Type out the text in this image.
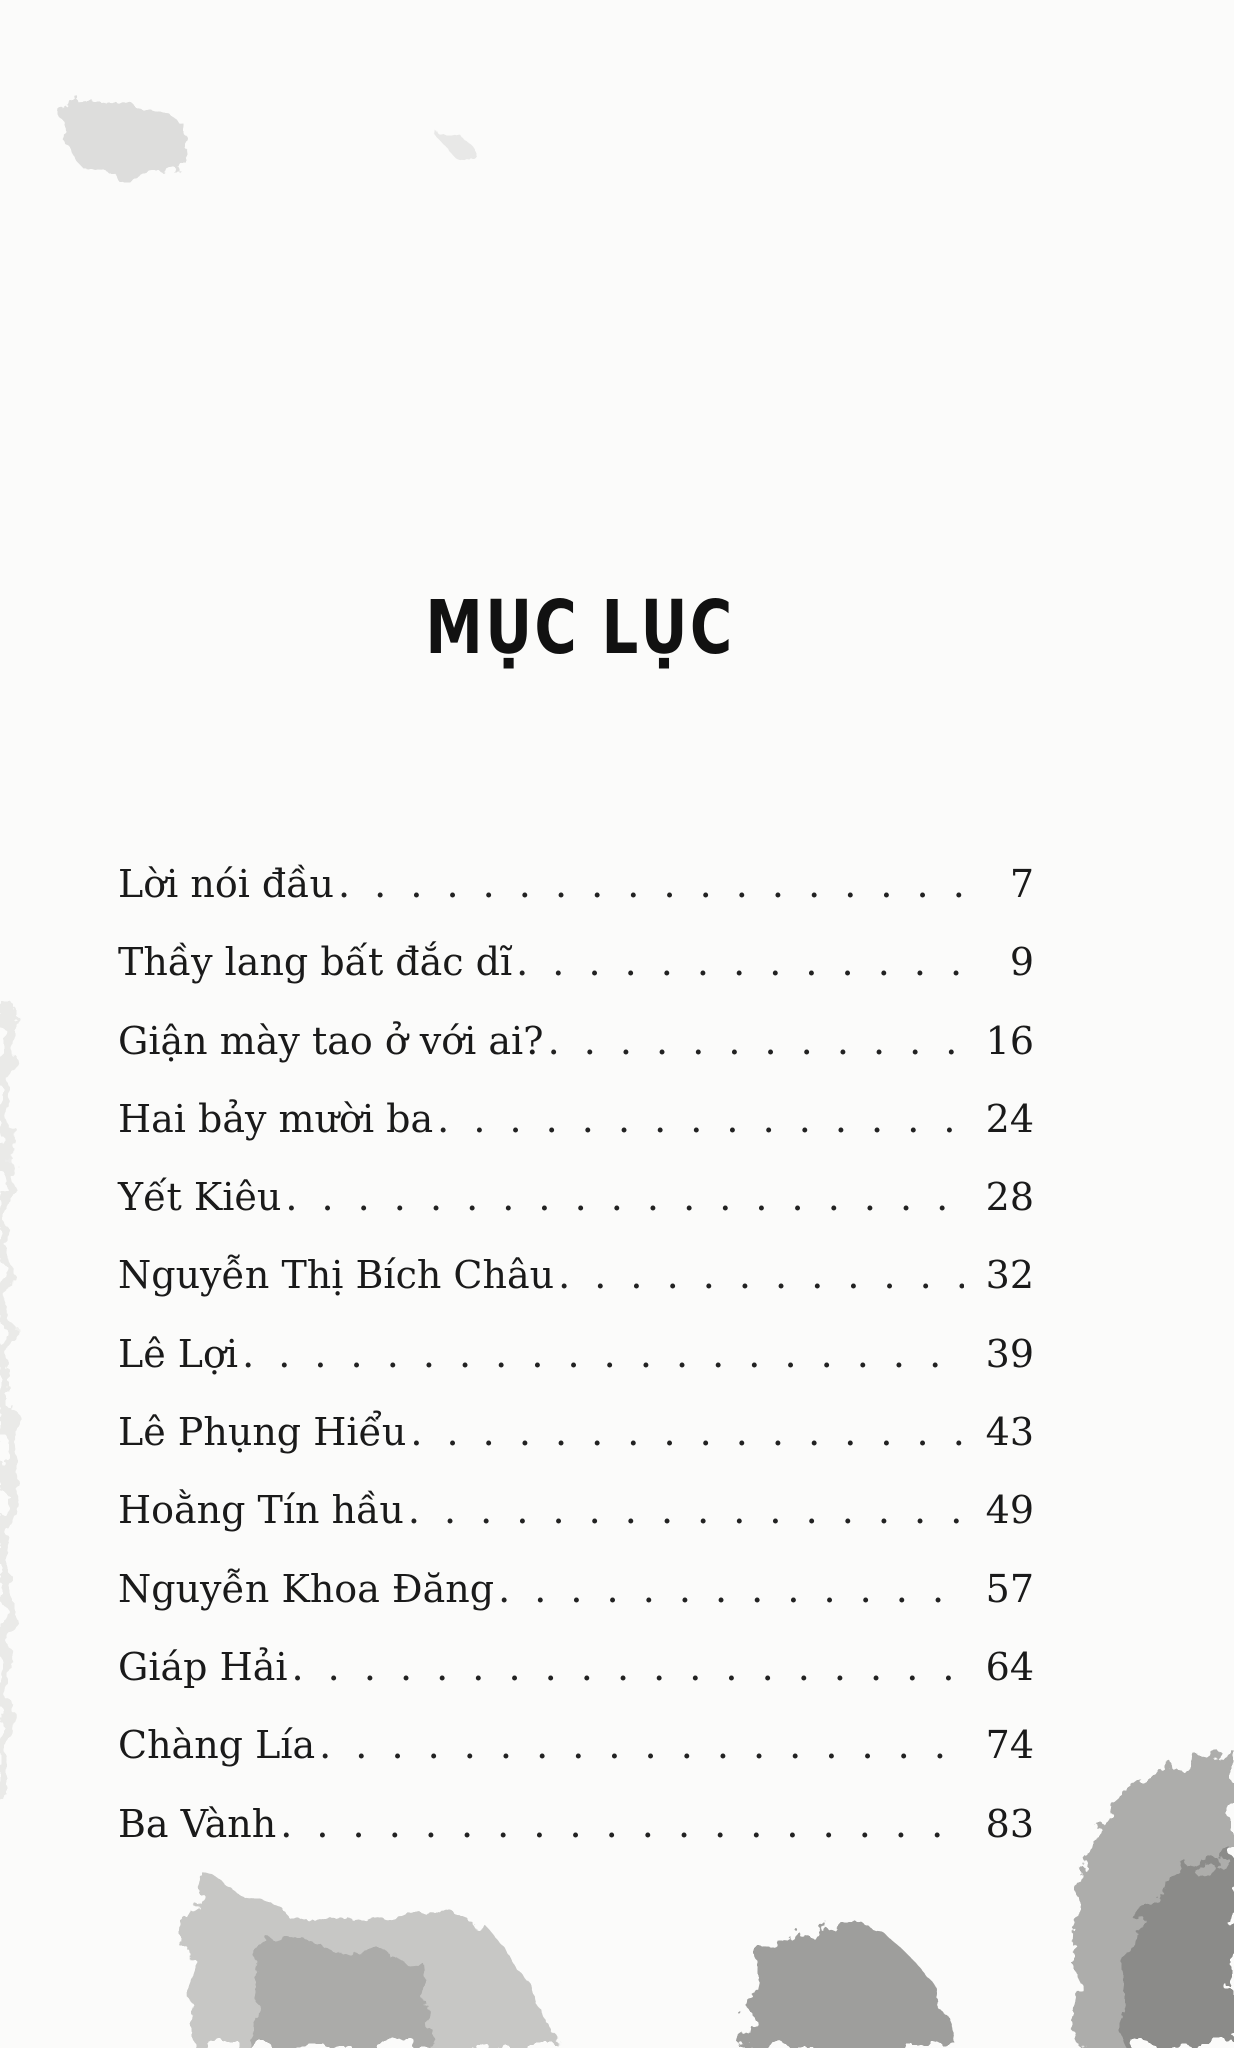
MỤC LỤC
Lời nói đầu . . .	7
Thầy lang bất đắc dĩ . . .	9
Giận mày tao ở với ai? . . .	16
Hai bảy mười ba . . .	24
Yết Kiêu . . .	28
Nguyễn Thị Bích Châu . . .	32
Lê Lợi . . .	39
Lê Phụng Hiểu . . .	43
Hoằng Tín hầu . . .	49
Nguyễn Khoa Đăng . . .	57
Giáp Hải . . .	64
Chàng Lía . . .	74
Ba Vành . . .	83
